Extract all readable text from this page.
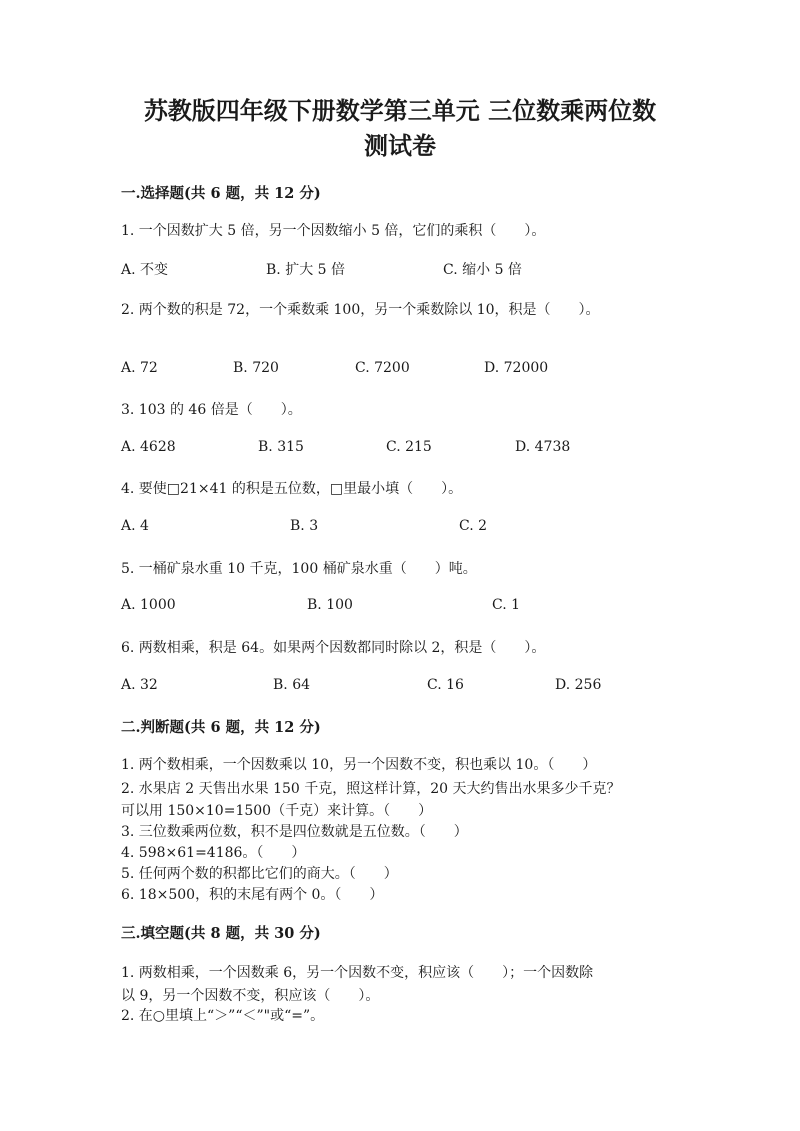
苏教版四年级下册数学第三单元 三位数乘两位数
测试卷
一.选择题(共 6 题，共 12 分)
1. 一个因数扩大 5 倍，另一个因数缩小 5 倍，它们的乘积（　　）。
A. 不变	B. 扩大 5 倍	C. 缩小 5 倍
2. 两个数的积是 72，一个乘数乘 100，另一个乘数除以 10，积是（　　）。
A. 72	B. 720	C. 7200	D. 72000
3. 103 的 46 倍是（　　）。
A. 4628	B. 315	C. 215	D. 4738
4. 要使□21×41 的积是五位数，□里最小填（　　）。
A. 4	B. 3	C. 2
5. 一桶矿泉水重 10 千克，100 桶矿泉水重（　　）吨。
A. 1000	B. 100	C. 1
6. 两数相乘，积是 64。如果两个因数都同时除以 2，积是（　　）。
A. 32	B. 64	C. 16	D. 256
二.判断题(共 6 题，共 12 分)
1. 两个数相乘，一个因数乘以 10，另一个因数不变，积也乘以 10。（　　）
2. 水果店 2 天售出水果 150 千克，照这样计算，20 天大约售出水果多少千克？
可以用 150×10=1500（千克）来计算。（　　）
3. 三位数乘两位数，积不是四位数就是五位数。（　　）
4. 598×61=4186。（　　）
5. 任何两个数的积都比它们的商大。（　　）
6. 18×500，积的末尾有两个 0。（　　）
三.填空题(共 8 题，共 30 分)
1. 两数相乘，一个因数乘 6，另一个因数不变，积应该（　　）；一个因数除
以 9，另一个因数不变，积应该（　　）。
2. 在○里填上“＞”“＜”"或“=”。
